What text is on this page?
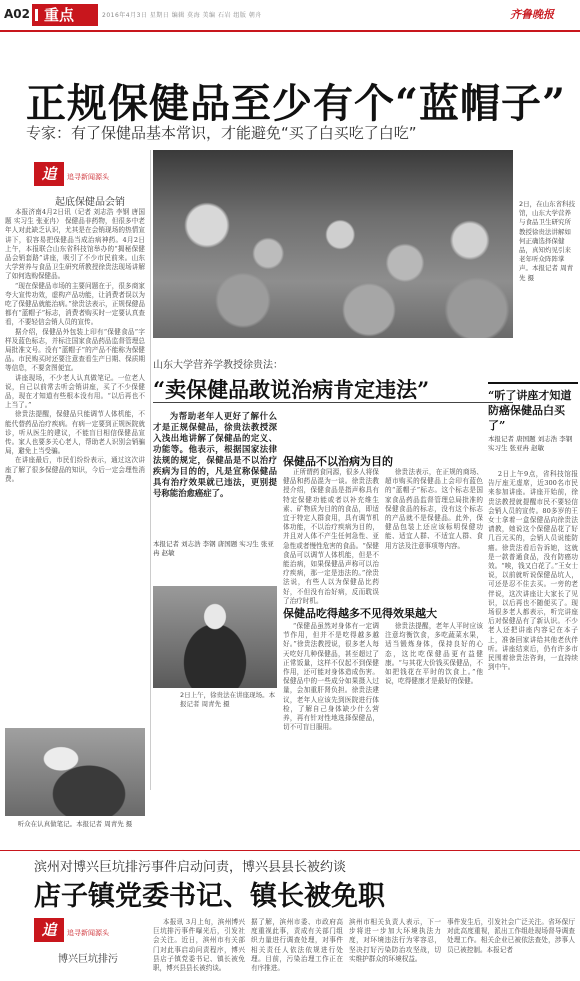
A02 重点	2016年4月3日 星期日 编辑 莫海 美编 石岩 组版 朝舟	齐鲁晚报
正规保健品至少有个“蓝帽子”
专家：有了保健品基本常识，才能避免“买了白买吃了白吃”
追	追寻新闻源头
起底保健品会销

本报济南4月2日讯（记者 刘志浩 李钢 唐国题 实习生 张亚冉） 保健品非药物，但很多中老年人对此缺乏认识，尤其是在会销现场的热情宣讲下，很容易把保健品当成治病神药。4月2日上午，本报联合山东省科技馆举办的“揭秘保健品会销套路”讲座，吸引了不少市民前来。山东大学营养与食品卫生研究所教授徐贵法现场讲解了如何选购保健品。

“现在保健品市场的主要问题在于，很多商家夸大宣传功效，虚构产品功能，让消费者误以为吃了保健品就能治病。”徐贵法表示，正规保健品都有“蓝帽子”标志，消费者购买时一定要认真查看，不要轻信会销人员的宣传。

据介绍，保健品外包装上印有“保健食品”字样及蓝色标志，并标注国家食品药品监督管理总局批准文号。没有“蓝帽子”的产品不能称为保健品。市民购买时还要注意查看生产日期、保质期等信息，不要贪图便宜。

讲座现场，不少老人认真做笔记。一位老人说，自己以前常去听会销讲座，买了不少保健品，现在才知道有些根本没有用。“以后再也不上当了。”

徐贵法提醒，保健品只能调节人体机能，不能代替药品治疗疾病。有病一定要到正规医院就诊，听从医生的建议，不能盲目相信保健品宣传。家人也要多关心老人，帮助老人识别会销骗局，避免上当受骗。

在讲座最后，市民们纷纷表示，通过这次讲座了解了很多保健品的知识，今后一定会理性消费。

听众在认真做笔记。本报记者 周青先 摄
2日，在山东省科技馆，山东大学营养与食品卫生研究所教授徐贵法讲解如何正确选择保健品，真知灼见引来老年听众阵阵掌声。本报记者 周青先 摄
山东大学营养学教授徐贵法：
“卖保健品敢说治病肯定违法”	“听了讲座才知道防癌保健品白买了”
本报记者 唐国题 刘志浩 李钢 实习生 张亚冉 赵敏

2日上午9点，省科技馆报告厅座无虚席，近300名市民来参加讲座。讲座开始前，徐贵法教授就提醒市民不要轻信会销人员的宣传。80多岁的王女士拿着一盒保健品向徐贵法请教，她说这个保健品花了好几百元买的，会销人员说能防癌。徐贵法看后告诉她，这就是一款普通食品，没有防癌功效。“唉，钱又白花了。”王女士说，以前就听说保健品坑人，可还是忍不住去买。一旁的老伴说，这次讲座让大家长了见识，以后再也不随便买了。现场很多老人都表示，听完讲座后对保健品有了新认识。不少老人还把讲座内容记在本子上，准备回家讲给其他老伙伴听。讲座结束后，仍有许多市民围着徐贵法咨询，一直持续到中午。

为帮助老年人更好了解什么才是正规保健品，徐贵法教授深入浅出地讲解了保健品的定义、功能等。他表示，根据国家法律法规的规定，保健品是不以治疗疾病为目的的，凡是宣称保健品具有治疗效果就已违法，更别提号称能治愈癌症了。

本报记者 刘志浩 李钢 唐国题 实习生 张亚冉 赵敏
2日上午，徐贵法在讲座现场。本报记者 周青先 摄
保健品不以治病为目的

正所谓药食同源，很多人将保健品和药品混为一谈。徐贵法教授介绍，保健食品是指声称具有特定保健功能或者以补充维生素、矿物质为目的的食品，即适宜于特定人群食用，具有调节机体功能，不以治疗疾病为目的，并且对人体不产生任何急性、亚急性或者慢性危害的食品。“保健食品可以调节人体机能，但是不能治病，如果保健品声称可以治疗疾病，那一定是违法的。”徐贵法说，有些人以为保健品比药好，不但没有治好病，反而耽误了治疗时机。

徐贵法表示，在正规的商场、超市购买的保健品上会印有蓝色的“蓝帽子”标志。这个标志是国家食品药品监督管理总局批准的保健食品的标志，没有这个标志的产品就不是保健品。此外，保健品包装上还应该标明保健功能、适宜人群、不适宜人群、食用方法及注意事项等内容。

保健品吃得越多不见得效果越大

“保健品虽然对身体有一定调节作用，但并不是吃得越多越好。”徐贵法教授说，很多老人每天吃好几种保健品，甚至超过了正常饭量，这样不仅起不到保健作用，还可能对身体造成伤害。保健品中的一些成分如果摄入过量，会加重肝肾负担。徐贵法建议，老年人应该先到医院进行体检，了解自己身体缺少什么营养，再有针对性地选择保健品，切不可盲目服用。

徐贵法提醒，老年人平时应该注意均衡饮食，多吃蔬菜水果，适当锻炼身体，保持良好的心态，这比吃保健品更有益健康。“与其花大价钱买保健品，不如把钱花在平时的饮食上。”他说，吃得健康才是最好的保健。

滨州对博兴巨坑排污事件启动问责，博兴县县长被约谈
店子镇党委书记、镇长被免职
追	追寻新闻源头
博兴巨坑排污

本报讯 3月上旬，滨州博兴巨坑排污事件曝光后，引发社会关注。近日，滨州市有关部门对此事启动问责程序，博兴县店子镇党委书记、镇长被免职，博兴县县长被约谈。

据了解，滨州市委、市政府高度重视此事，责成有关部门组织力量进行调查处理，对事件相关责任人依法依规进行处理。目前，污染治理工作正在有序推进。

滨州市相关负责人表示，下一步将进一步加大环境执法力度，对环境违法行为零容忍，坚决打好污染防治攻坚战，切实维护群众的环境权益。

事件发生后，引发社会广泛关注。省环保厅对此高度重视，派出工作组赴现场督导调查处理工作。相关企业已被依法查处，涉事人员已被控制。本报记者
